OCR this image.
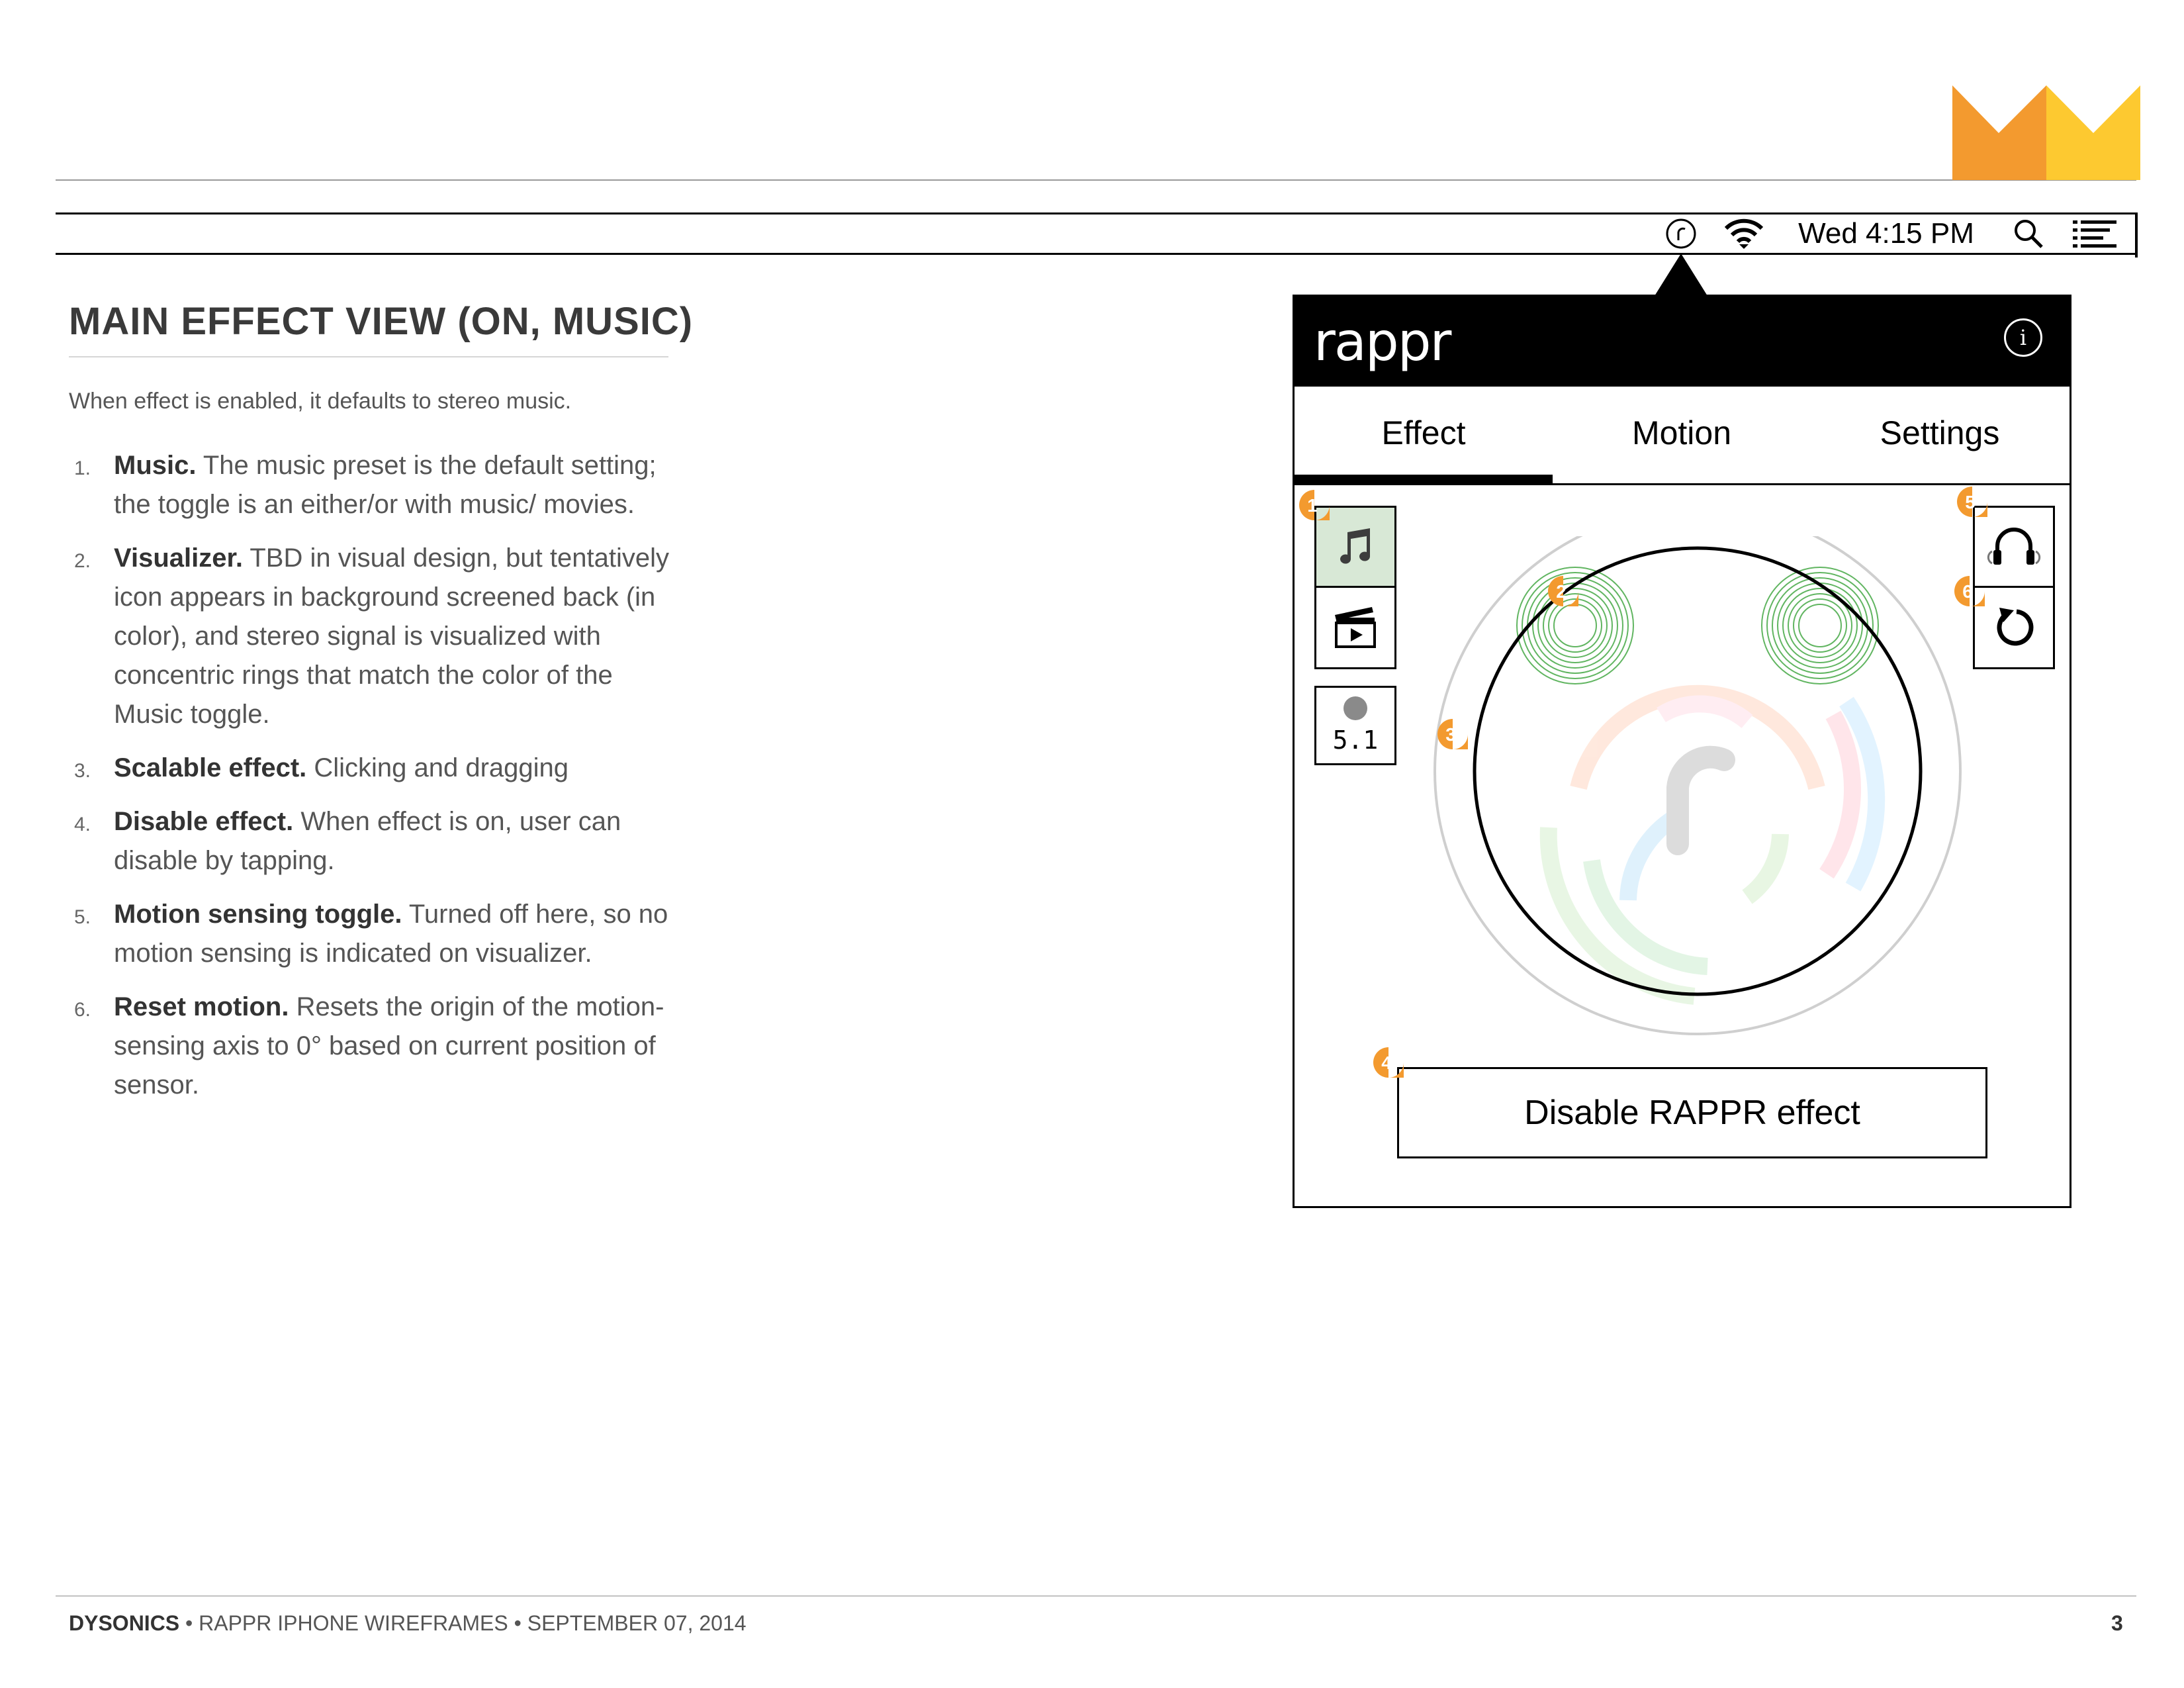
Wed 4:15 PM
MAIN EFFECT VIEW (ON, MUSIC)
When effect is enabled, it defaults to stereo music.
1. Music. The music preset is the default setting; the toggle is an either/or with music/ movies.
2. Visualizer. TBD in visual design, but tentatively icon appears in background screened back (in color), and stereo signal is visualized with concentric rings that match the color of the Music toggle.
3. Scalable effect. Clicking and dragging
4. Disable effect. When effect is on, user can disable by tapping.
5. Motion sensing toggle. Turned off here, so no motion sensing is indicated on visualizer.
6. Reset motion. Resets the origin of the motion-sensing axis to 0° based on current position of sensor.
rappr	i
Effect	Motion	Settings
5.1
Disable RAPPR effect
1
2
3
4
5
6
DYSONICS • RAPPR IPHONE WIREFRAMES • SEPTEMBER 07, 2014	3
